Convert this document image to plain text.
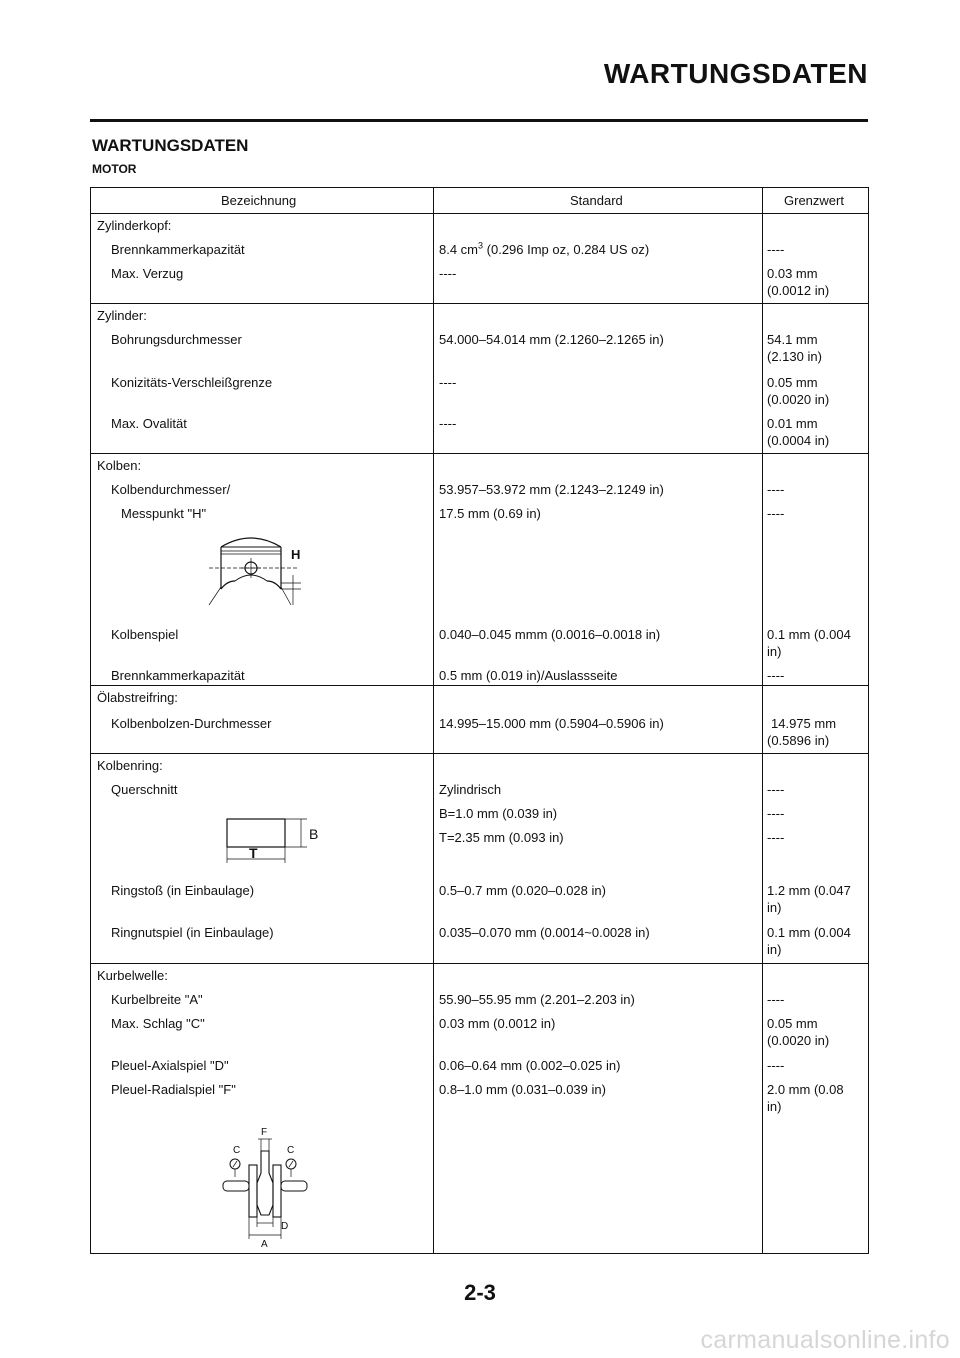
WARTUNGSDATEN
WARTUNGSDATEN
MOTOR
Bezeichnung	Standard	Grenzwert
Zylinderkopf:
Brennkammerkapazität	8.4 $cm^3$ (0.296 Imp oz, 0.284 US oz)	----
Max. Verzug	----	0.03 mm
(0.0012 in)
Zylinder:
Bohrungsdurchmesser	54.000–54.014 mm (2.1260–2.1265 in)	54.1 mm
(2.130 in)
Konizitäts-Verschleißgrenze	----	0.05 mm
(0.0020 in)
Max. Ovalität	----	0.01 mm
(0.0004 in)
Kolben:
Kolbendurchmesser/	53.957–53.972 mm (2.1243–2.1249 in)	----
Messpunkt "H"	17.5 mm (0.69 in)	----
H
Kolbenspiel	0.040–0.045 mmm (0.0016–0.0018 in)	0.1 mm (0.004
in)
Brennkammerkapazität	0.5 mm (0.019 in)/Auslassseite	----
Ölabstreifring:
Kolbenbolzen-Durchmesser	14.995–15.000 mm (0.5904–0.5906 in)	14.975 mm
(0.5896 in)
Kolbenring:
Querschnitt	Zylindrisch	----
B=1.0 mm (0.039 in)	----
T=2.35 mm (0.093 in)	----
B
T
Ringstoß (in Einbaulage)	0.5–0.7 mm (0.020–0.028 in)	1.2 mm (0.047
in)
Ringnutspiel (in Einbaulage)	0.035–0.070 mm (0.0014~0.0028 in)	0.1 mm (0.004
in)
Kurbelwelle:
Kurbelbreite "A"	55.90–55.95 mm (2.201–2.203 in)	----
Max. Schlag "C"	0.03 mm (0.0012 in)	0.05 mm
(0.0020 in)
Pleuel-Axialspiel "D"	0.06–0.64 mm (0.002–0.025 in)	----
Pleuel-Radialspiel "F"	0.8–1.0 mm (0.031–0.039 in)	2.0 mm (0.08
in)
F
C	C
D
A
2-3
carmanualsonline.info
